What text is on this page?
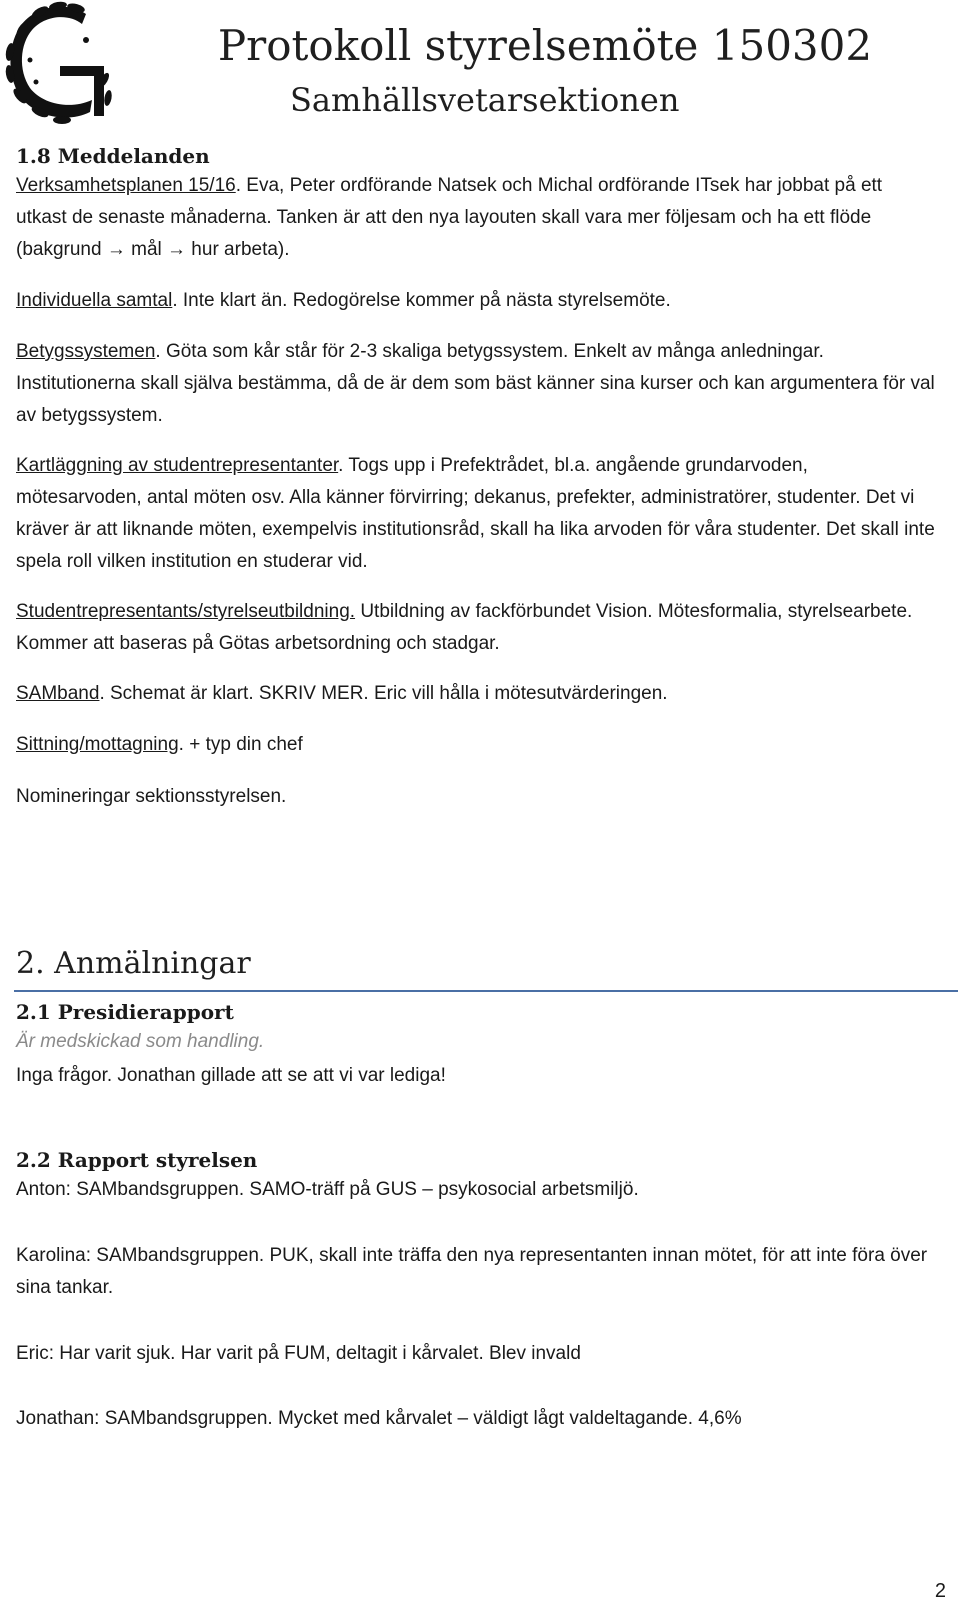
Protokoll styrelsemöte 150302
Samhällsvetarsektionen
1.8 Meddelanden
Verksamhetsplanen 15/16. Eva, Peter ordförande Natsek och Michal ordförande ITsek har jobbat på ett utkast de senaste månaderna. Tanken är att den nya layouten skall vara mer följesam och ha ett flöde (bakgrund → mål → hur arbeta).
Individuella samtal. Inte klart än. Redogörelse kommer på nästa styrelsemöte.
Betygssystemen. Göta som kår står för 2-3 skaliga betygssystem. Enkelt av många anledningar. Institutionerna skall själva bestämma, då de är dem som bäst känner sina kurser och kan argumentera för val av betygssystem.
Kartläggning av studentrepresentanter. Togs upp i Prefektrådet, bl.a. angående grundarvoden, mötesarvoden, antal möten osv. Alla känner förvirring; dekanus, prefekter, administratörer, studenter. Det vi kräver är att liknande möten, exempelvis institutionsråd, skall ha lika arvoden för våra studenter. Det skall inte spela roll vilken institution en studerar vid.
Studentrepresentants/styrelseutbildning. Utbildning av fackförbundet Vision. Mötesformalia, styrelsearbete. Kommer att baseras på Götas arbetsordning och stadgar.
SAMband. Schemat är klart. SKRIV MER. Eric vill hålla i mötesutvärderingen.
Sittning/mottagning. + typ din chef
Nomineringar sektionsstyrelsen.
2. Anmälningar
2.1 Presidierapport
Är medskickad som handling.
Inga frågor. Jonathan gillade att se att vi var lediga!
2.2 Rapport styrelsen
Anton: SAMbandsgruppen. SAMO-träff på GUS – psykosocial arbetsmiljö.
Karolina: SAMbandsgruppen. PUK, skall inte träffa den nya representanten innan mötet, för att inte föra över sina tankar.
Eric: Har varit sjuk. Har varit på FUM, deltagit i kårvalet. Blev invald
Jonathan: SAMbandsgruppen. Mycket med kårvalet – väldigt lågt valdeltagande. 4,6%
2
